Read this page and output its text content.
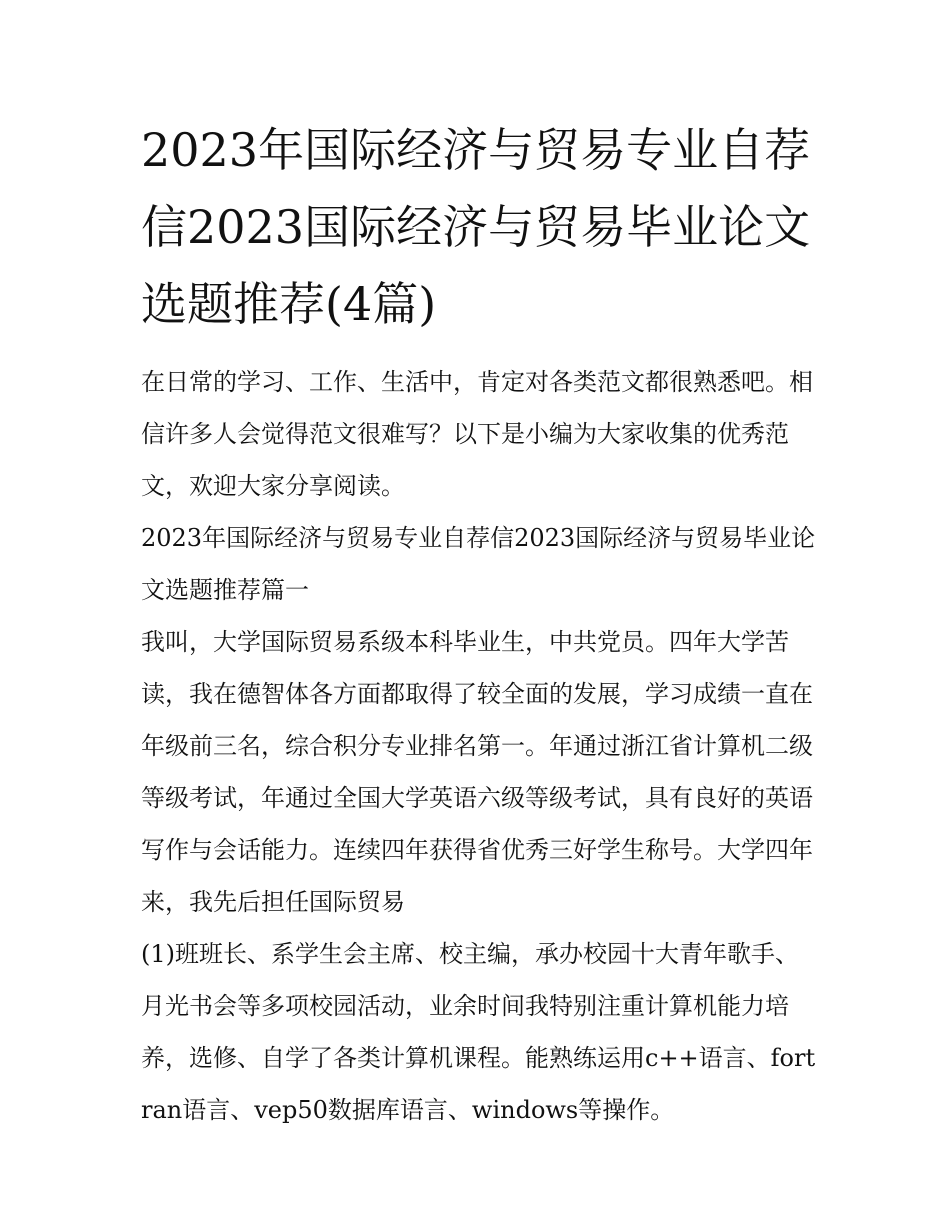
2023年国际经济与贸易专业自荐信2023国际经济与贸易毕业论文选题推荐(4篇)

在日常的学习、工作、生活中，肯定对各类范文都很熟悉吧。相信许多人会觉得范文很难写？以下是小编为大家收集的优秀范文，欢迎大家分享阅读。

2023年国际经济与贸易专业自荐信2023国际经济与贸易毕业论文选题推荐篇一

我叫，大学国际贸易系级本科毕业生，中共党员。四年大学苦读，我在德智体各方面都取得了较全面的发展，学习成绩一直在年级前三名，综合积分专业排名第一。年通过浙江省计算机二级等级考试，年通过全国大学英语六级等级考试，具有良好的英语写作与会话能力。连续四年获得省优秀三好学生称号。大学四年来，我先后担任国际贸易

(1)班班长、系学生会主席、校主编，承办校园十大青年歌手、月光书会等多项校园活动，业余时间我特别注重计算机能力培养，选修、自学了各类计算机课程。能熟练运用c++语言、fortran语言、vep50数据库语言、windows等操作。
